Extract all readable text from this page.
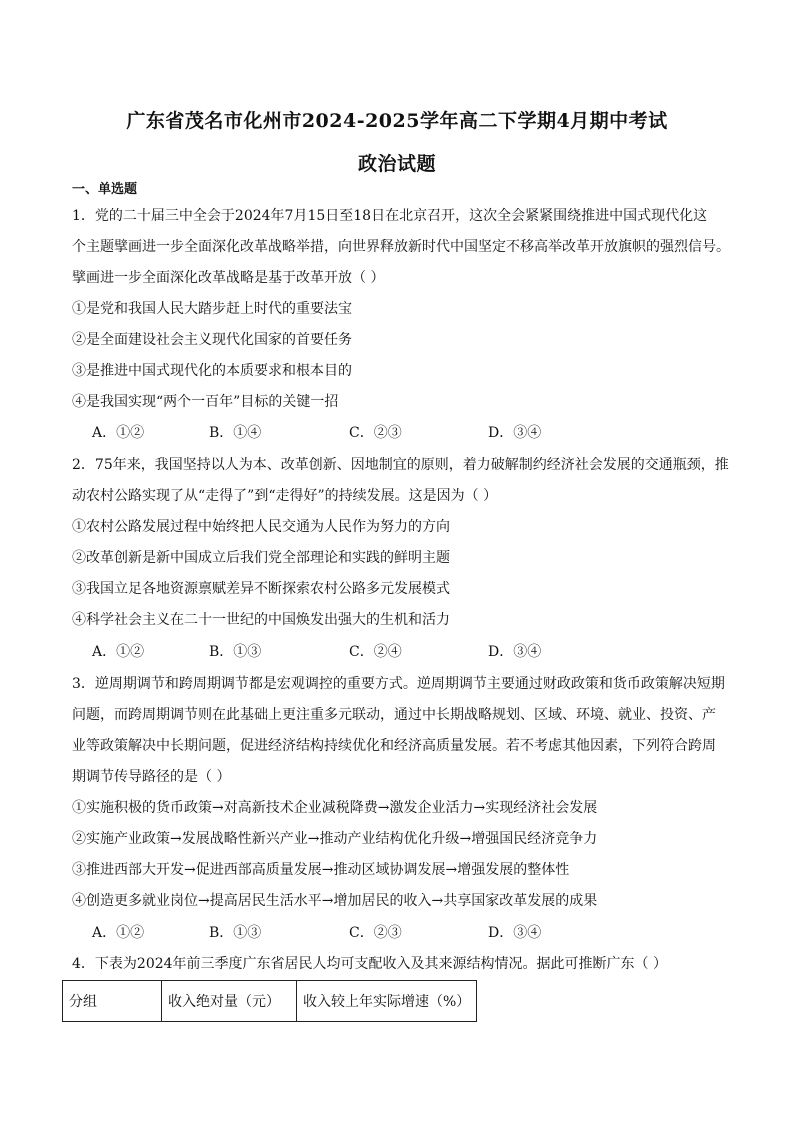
广东省茂名市化州市2024-2025学年高二下学期4月期中考试
政治试题
一、单选题
1．党的二十届三中全会于2024年7月15日至18日在北京召开，这次全会紧紧围绕推进中国式现代化这
个主题擘画进一步全面深化改革战略举措，向世界释放新时代中国坚定不移高举改革开放旗帜的强烈信号。
擘画进一步全面深化改革战略是基于改革开放（ ）
①是党和我国人民大踏步赶上时代的重要法宝
②是全面建设社会主义现代化国家的首要任务
③是推进中国式现代化的本质要求和根本目的
④是我国实现“两个一百年”目标的关键一招
A．①②	B．①④	C．②③	D．③④
2．75年来，我国坚持以人为本、改革创新、因地制宜的原则，着力破解制约经济社会发展的交通瓶颈，推
动农村公路实现了从“走得了”到“走得好”的持续发展。这是因为（ ）
①农村公路发展过程中始终把人民交通为人民作为努力的方向
②改革创新是新中国成立后我们党全部理论和实践的鲜明主题
③我国立足各地资源禀赋差异不断探索农村公路多元发展模式
④科学社会主义在二十一世纪的中国焕发出强大的生机和活力
A．①②	B．①③	C．②④	D．③④
3．逆周期调节和跨周期调节都是宏观调控的重要方式。逆周期调节主要通过财政政策和货币政策解决短期
问题，而跨周期调节则在此基础上更注重多元联动，通过中长期战略规划、区域、环境、就业、投资、产
业等政策解决中长期问题，促进经济结构持续优化和经济高质量发展。若不考虑其他因素，下列符合跨周
期调节传导路径的是（ ）
①实施积极的货币政策→对高新技术企业减税降费→激发企业活力→实现经济社会发展
②实施产业政策→发展战略性新兴产业→推动产业结构优化升级→增强国民经济竞争力
③推进西部大开发→促进西部高质量发展→推动区域协调发展→增强发展的整体性
④创造更多就业岗位→提高居民生活水平→增加居民的收入→共享国家改革发展的成果
A．①②	B．①③	C．②③	D．③④
4．下表为2024年前三季度广东省居民人均可支配收入及其来源结构情况。据此可推断广东（ ）
分组	收入绝对量（元）	收入较上年实际增速（%）
